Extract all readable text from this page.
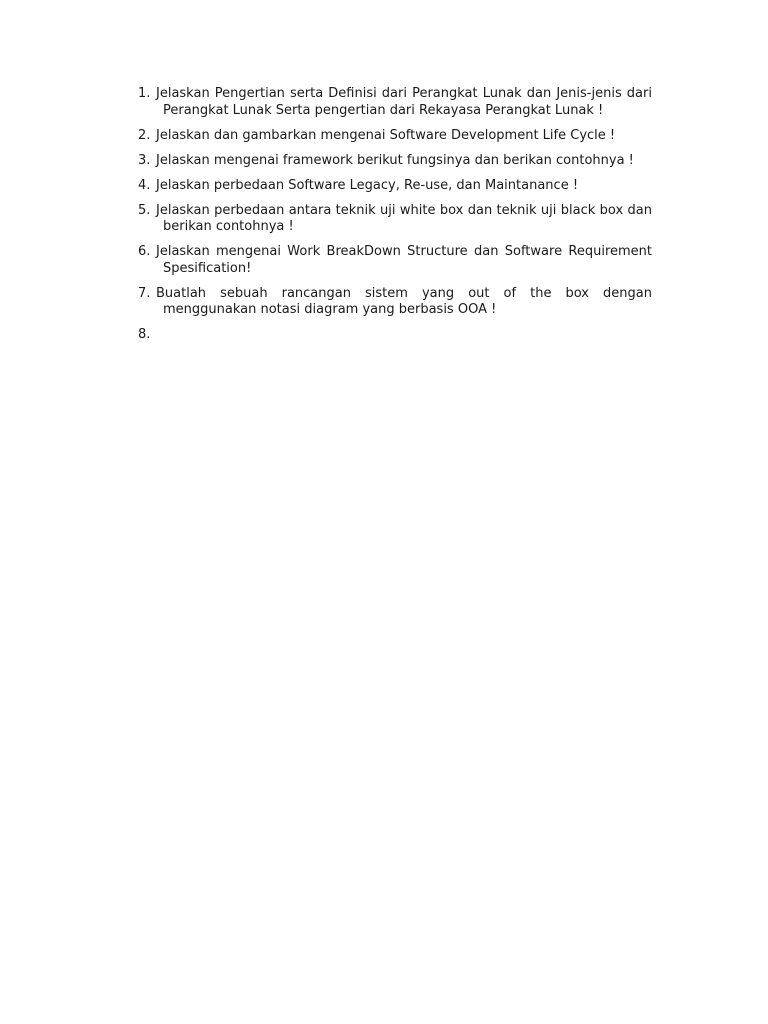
1. Jelaskan Pengertian serta Definisi dari Perangkat Lunak dan Jenis-jenis dari Perangkat Lunak Serta pengertian dari Rekayasa Perangkat Lunak !
2. Jelaskan dan gambarkan mengenai Software Development Life Cycle !
3. Jelaskan mengenai framework berikut fungsinya dan berikan contohnya !
4. Jelaskan perbedaan Software Legacy, Re-use, dan Maintanance !
5. Jelaskan perbedaan antara teknik uji white box dan teknik uji black box dan berikan contohnya !
6. Jelaskan mengenai Work BreakDown Structure dan Software Requirement Spesification!
7. Buatlah sebuah rancangan sistem yang out of the box dengan menggunakan notasi diagram yang berbasis OOA !
8.
